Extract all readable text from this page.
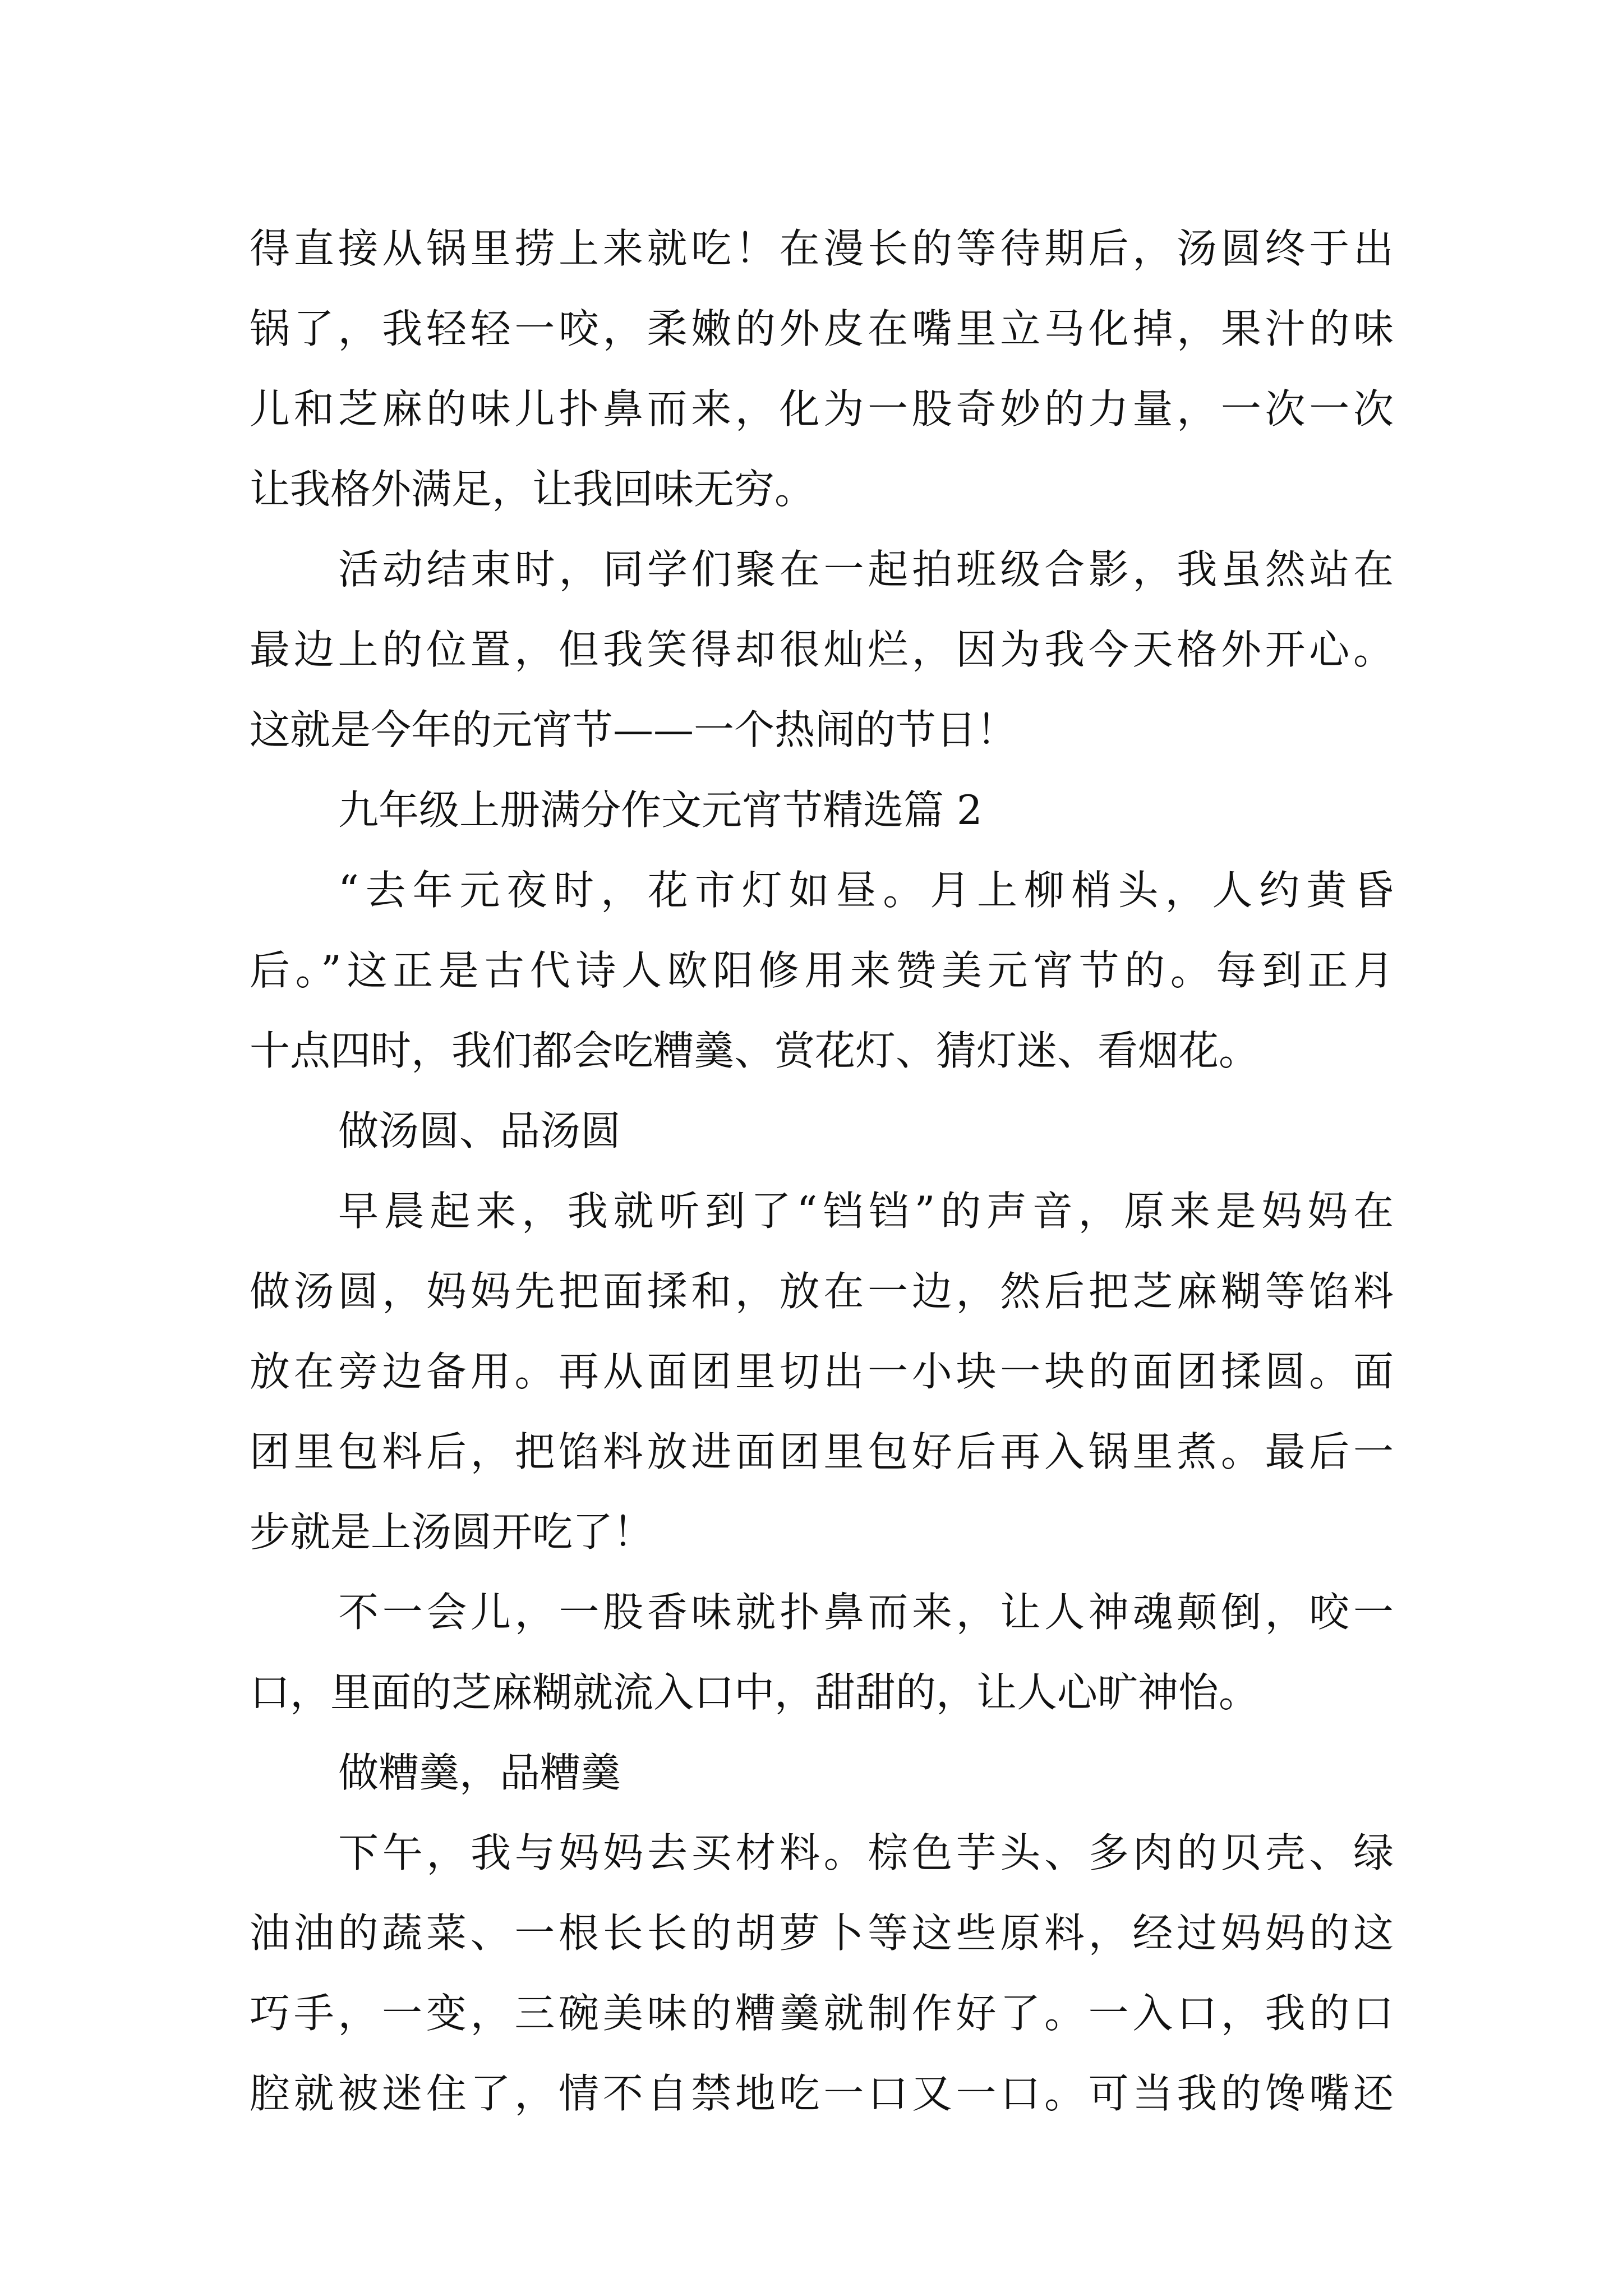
得直接从锅里捞上来就吃！在漫长的等待期后，汤圆终于出
锅了，我轻轻一咬，柔嫩的外皮在嘴里立马化掉，果汁的味
儿和芝麻的味儿扑鼻而来，化为一股奇妙的力量，一次一次
让我格外满足，让我回味无穷。
活动结束时，同学们聚在一起拍班级合影，我虽然站在
最边上的位置，但我笑得却很灿烂，因为我今天格外开心。
这就是今年的元宵节——一个热闹的节日！
九年级上册满分作文元宵节精选篇 2
“去年元夜时，花市灯如昼。月上柳梢头，人约黄昏
后。”这正是古代诗人欧阳修用来赞美元宵节的。每到正月
十点四时，我们都会吃糟羹、赏花灯、猜灯迷、看烟花。
做汤圆、品汤圆
早晨起来，我就听到了“铛铛”的声音，原来是妈妈在
做汤圆，妈妈先把面揉和，放在一边，然后把芝麻糊等馅料
放在旁边备用。再从面团里切出一小块一块的面团揉圆。面
团里包料后，把馅料放进面团里包好后再入锅里煮。最后一
步就是上汤圆开吃了！
不一会儿，一股香味就扑鼻而来，让人神魂颠倒，咬一
口，里面的芝麻糊就流入口中，甜甜的，让人心旷神怡。
做糟羹，品糟羹
下午，我与妈妈去买材料。棕色芋头、多肉的贝壳、绿
油油的蔬菜、一根长长的胡萝卜等这些原料，经过妈妈的这
巧手，一变，三碗美味的糟羹就制作好了。一入口，我的口
腔就被迷住了，情不自禁地吃一口又一口。可当我的馋嘴还
